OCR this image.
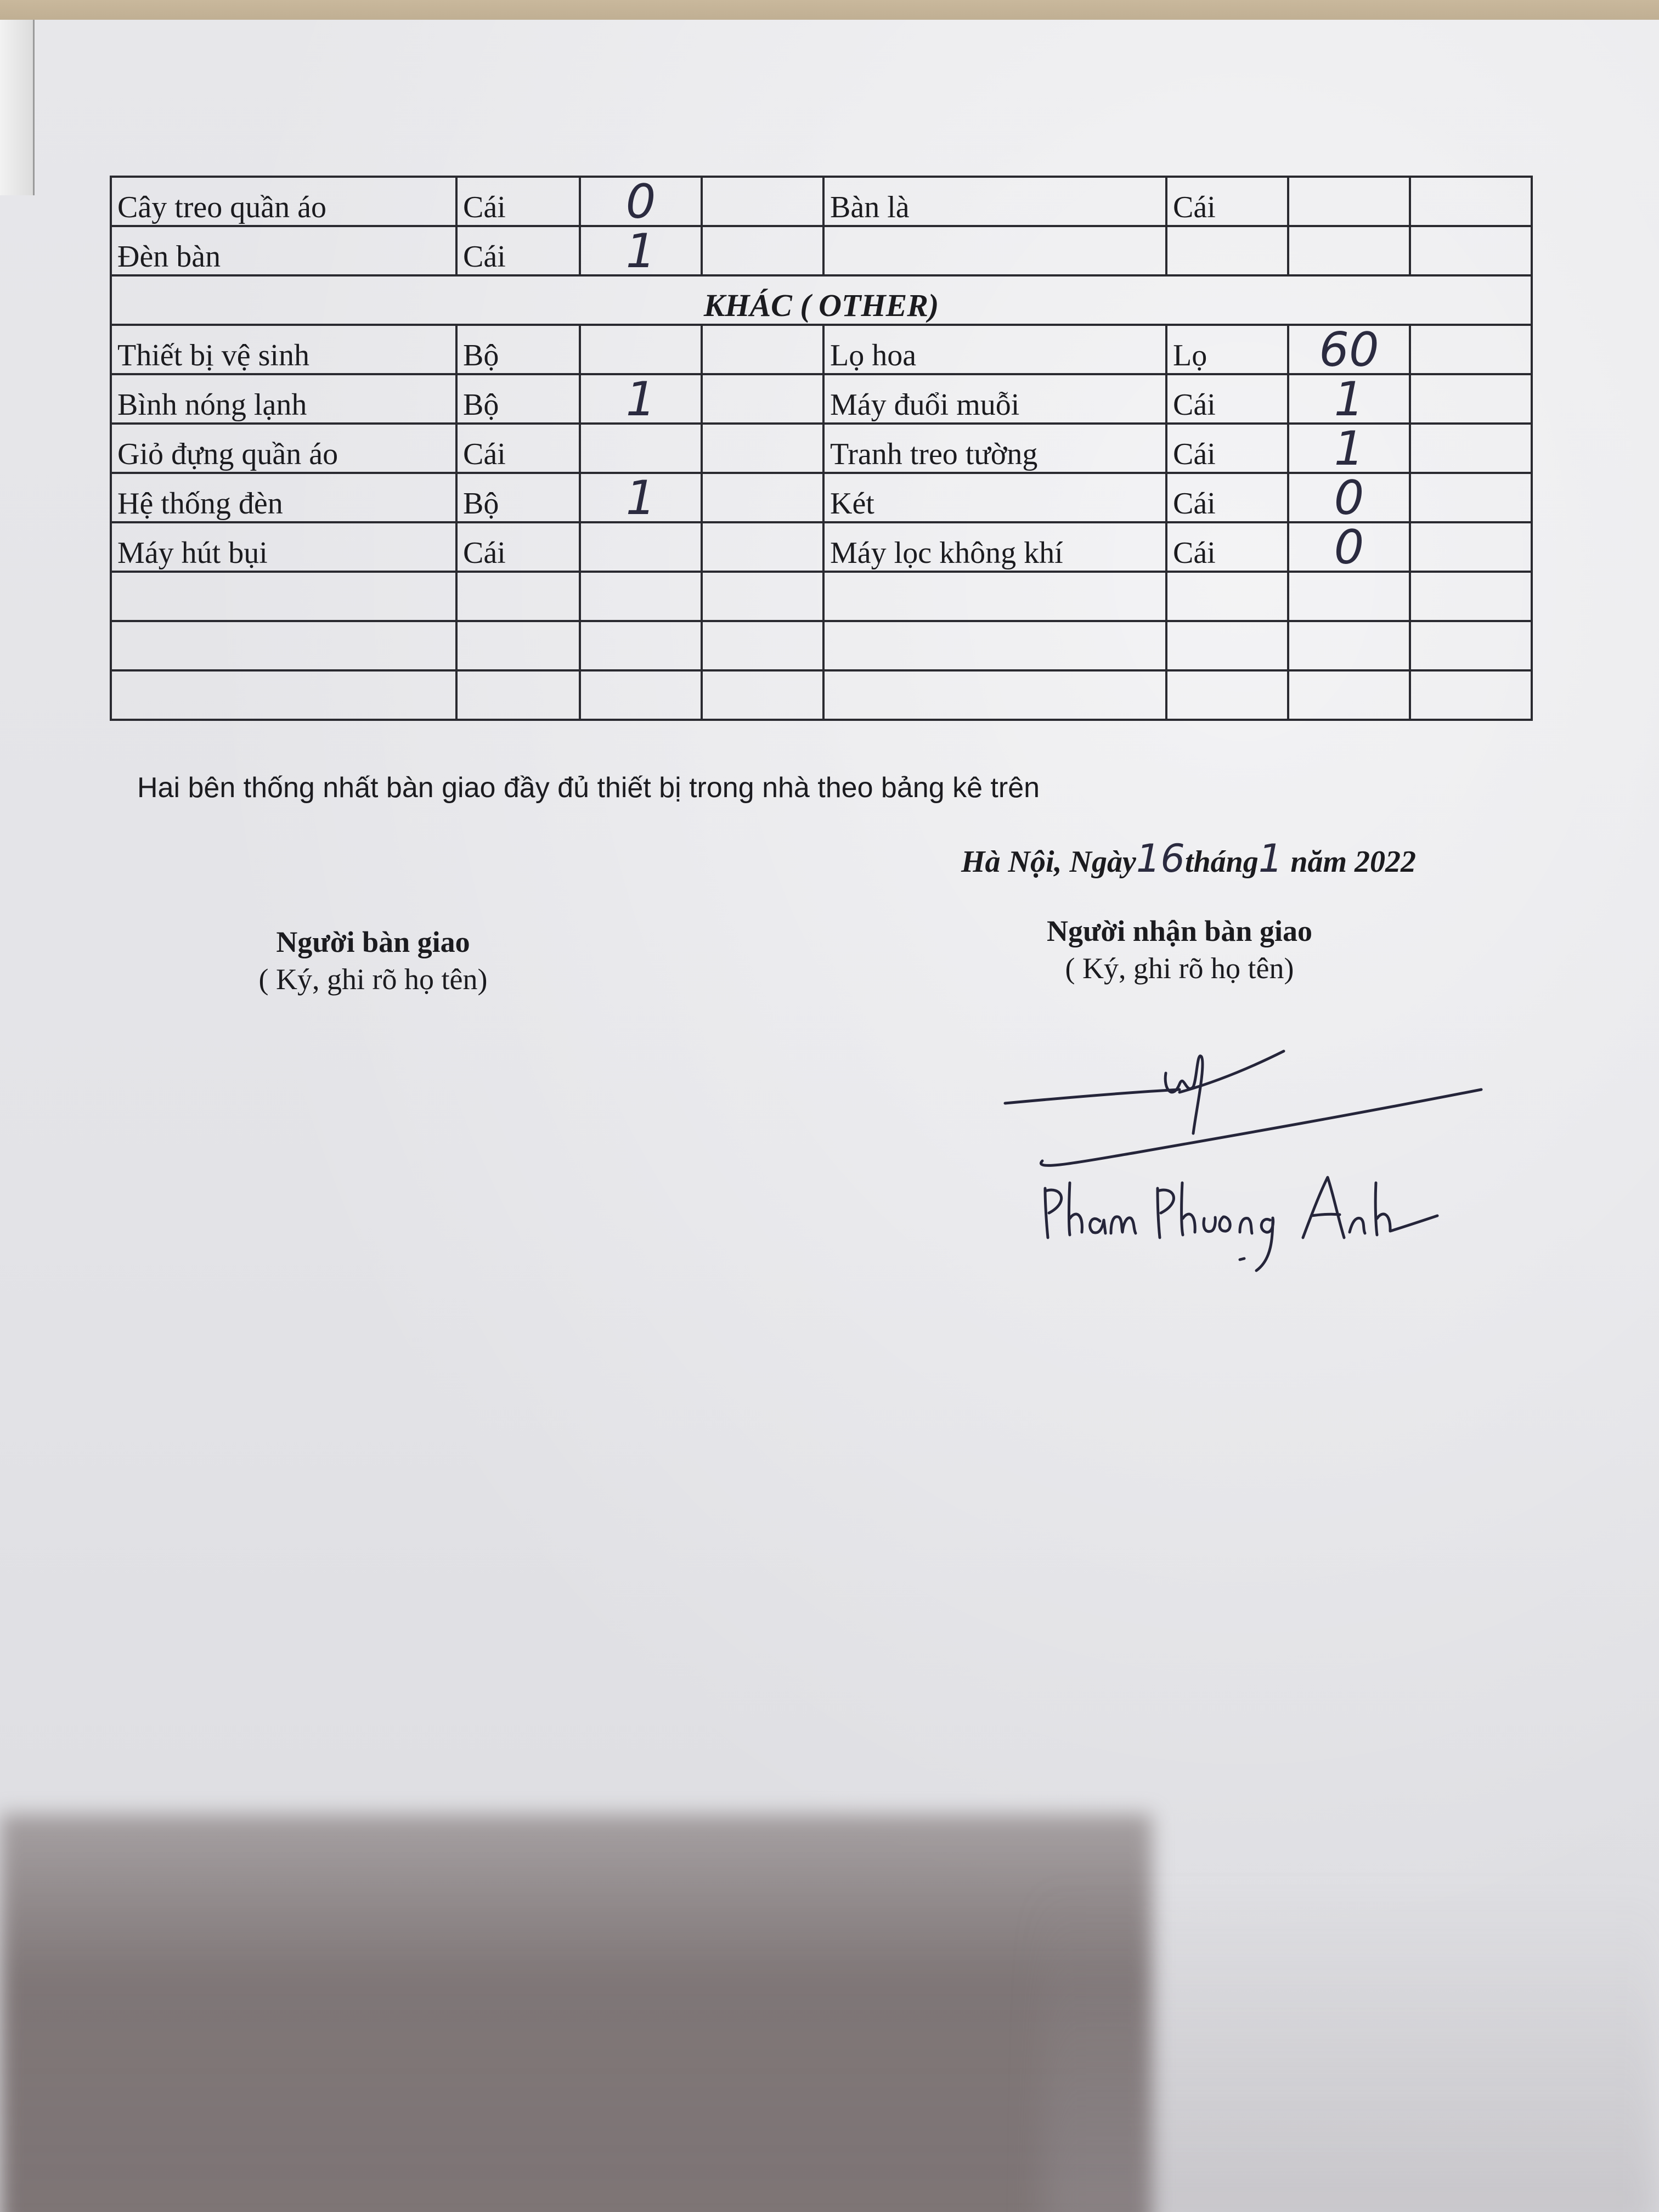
Cây treo quần áo	Cái	0		Bàn là	Cái		
Đèn bàn	Cái	1					
KHÁC ( OTHER)							
Thiết bị vệ sinh	Bộ			Lọ hoa	Lọ	60	
Bình nóng lạnh	Bộ	1		Máy đuổi muỗi	Cái	1	
Giỏ đựng quần áo	Cái			Tranh treo tường	Cái	1	
Hệ thống đèn	Bộ	1		Két	Cái	0	
Máy hút bụi	Cái			Máy lọc không khí	Cái	0	

Hai bên thống nhất bàn giao đầy đủ thiết bị trong nhà theo bảng kê trên
Hà Nội, Ngày16tháng1 năm 2022
Người bàn giao
( Ký, ghi rõ họ tên)
Người nhận bàn giao
( Ký, ghi rõ họ tên)
